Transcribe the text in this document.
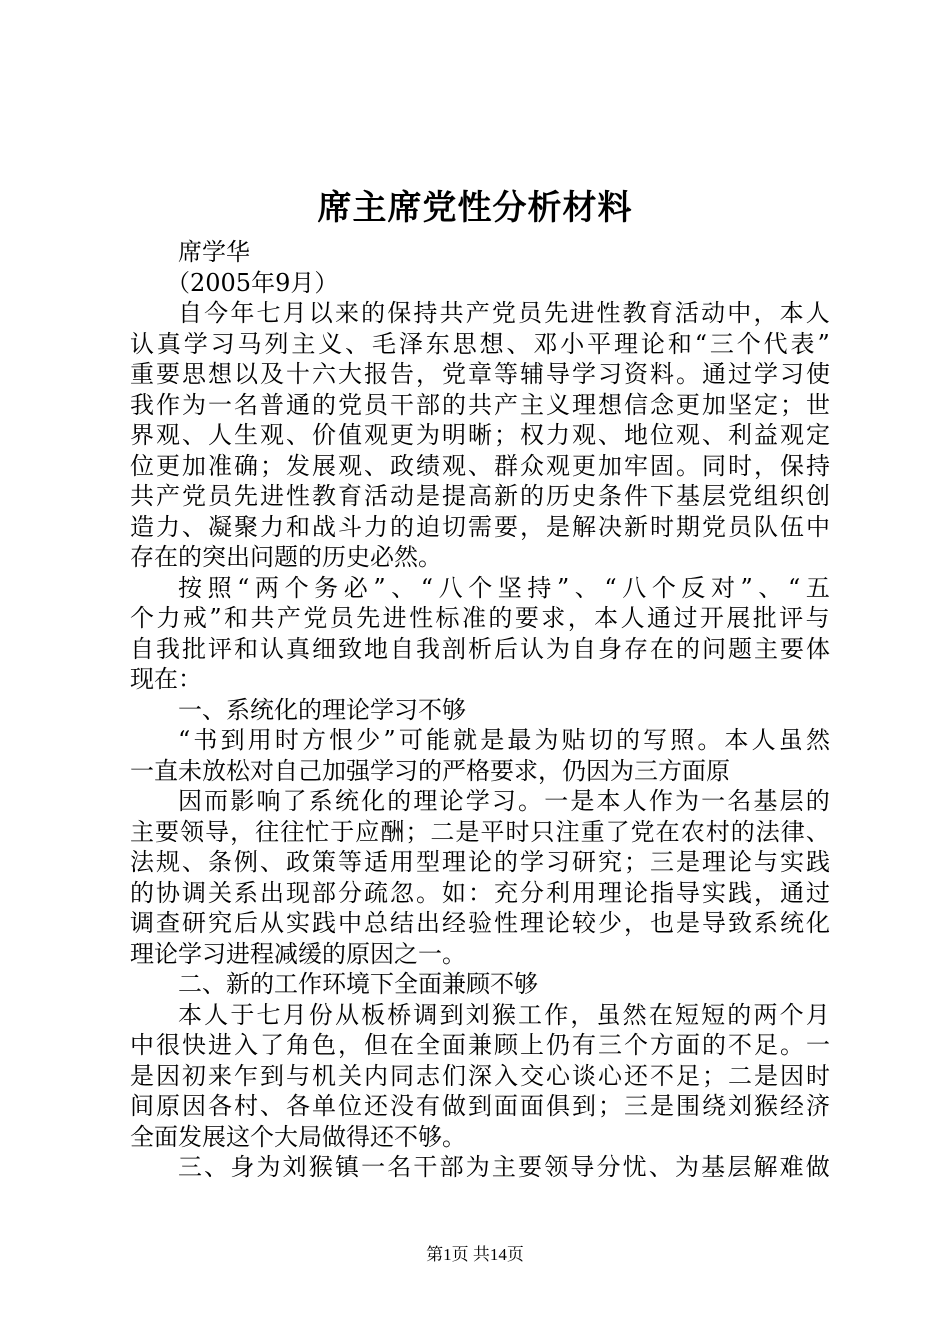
席主席党性分析材料
席学华
（2005年9月）
自 今 年 七 月 以 来 的 保 持 共 产 党 员 先 进 性 教 育 活 动 中 ， 本 人
认 真 学 习 马 列 主 义 、 毛 泽 东 思 想 、 邓 小 平 理 论 和 “ 三 个 代 表 ”
重 要 思 想 以 及 十 六 大 报 告 ， 党 章 等 辅 导 学 习 资 料 。 通 过 学 习 使
我 作 为 一 名 普 通 的 党 员 干 部 的 共 产 主 义 理 想 信 念 更 加 坚 定 ； 世
界 观 、 人 生 观 、 价 值 观 更 为 明 晰 ； 权 力 观 、 地 位 观 、 利 益 观 定
位 更 加 准 确 ； 发 展 观 、 政 绩 观 、 群 众 观 更 加 牢 固 。 同 时 ， 保 持
共 产 党 员 先 进 性 教 育 活 动 是 提 高 新 的 历 史 条 件 下 基 层 党 组 织 创
造 力 、 凝 聚 力 和 战 斗 力 的 迫 切 需 要 ， 是 解 决 新 时 期 党 员 队 伍 中
存在的突出问题的历史必然。
按 照 “ 两 个 务 必 ” 、 “ 八 个 坚 持 ” 、 “ 八 个 反 对 ” 、 “ 五
个 力 戒 ” 和 共 产 党 员 先 进 性 标 准 的 要 求 ， 本 人 通 过 开 展 批 评 与
自 我 批 评 和 认 真 细 致 地 自 我 剖 析 后 认 为 自 身 存 在 的 问 题 主 要 体
现在：
一、系统化的理论学习不够
“ 书 到 用 时 方 恨 少 ” 可 能 就 是 最 为 贴 切 的 写 照 。 本 人 虽 然
一直未放松对自己加强学习的严格要求，仍因为三方面原
因 而 影 响 了 系 统 化 的 理 论 学 习 。 一 是 本 人 作 为 一 名 基 层 的
主 要 领 导 ， 往 往 忙 于 应 酬 ； 二 是 平 时 只 注 重 了 党 在 农 村 的 法 律 、
法 规 、 条 例 、 政 策 等 适 用 型 理 论 的 学 习 研 究 ； 三 是 理 论 与 实 践
的 协 调 关 系 出 现 部 分 疏 忽 。 如 ： 充 分 利 用 理 论 指 导 实 践 ， 通 过
调 查 研 究 后 从 实 践 中 总 结 出 经 验 性 理 论 较 少 ， 也 是 导 致 系 统 化
理论学习进程减缓的原因之一。
二、新的工作环境下全面兼顾不够
本 人 于 七 月 份 从 板 桥 调 到 刘 猴 工 作 ， 虽 然 在 短 短 的 两 个 月
中 很 快 进 入 了 角 色 ， 但 在 全 面 兼 顾 上 仍 有 三 个 方 面 的 不 足 。 一
是 因 初 来 乍 到 与 机 关 内 同 志 们 深 入 交 心 谈 心 还 不 足 ； 二 是 因 时
间 原 因 各 村 、 各 单 位 还 没 有 做 到 面 面 俱 到 ； 三 是 围 绕 刘 猴 经 济
全面发展这个大局做得还不够。
三 、 身 为 刘 猴 镇 一 名 干 部 为 主 要 领 导 分 忧 、 为 基 层 解 难 做
第1页 共14页
